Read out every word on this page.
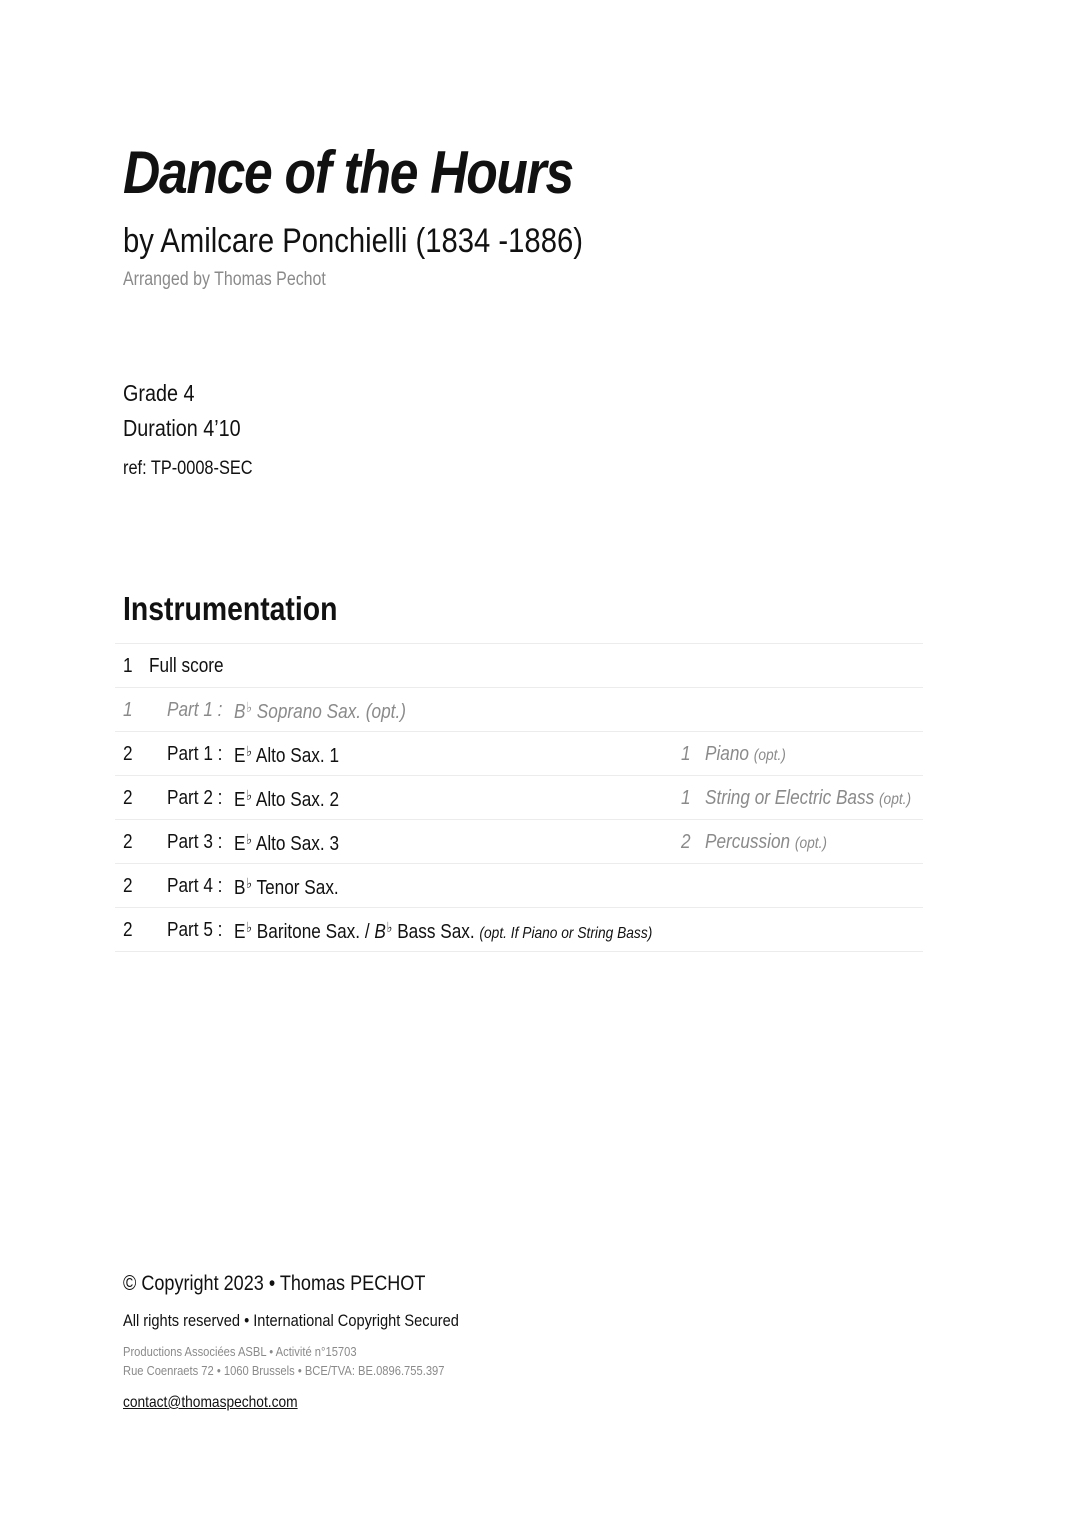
Dance of the Hours
by Amilcare Ponchielli (1834 -1886)
Arranged by Thomas Pechot
Grade 4
Duration 4’10
ref: TP-0008-SEC
Instrumentation
1 Full score
1 Part 1 : B♭ Soprano Sax. (opt.)
2 Part 1 : E♭ Alto Sax. 1	1 Piano (opt.)
2 Part 2 : E♭ Alto Sax. 2	1 String or Electric Bass (opt.)
2 Part 3 : E♭ Alto Sax. 3	2 Percussion (opt.)
2 Part 4 : B♭ Tenor Sax.
2 Part 5 : E♭ Baritone Sax. / B♭ Bass Sax. (opt. If Piano or String Bass)
© Copyright 2023 • Thomas PECHOT
All rights reserved • International Copyright Secured
Productions Associées ASBL • Activité n°15703
Rue Coenraets 72 • 1060 Brussels • BCE/TVA: BE.0896.755.397
contact@thomaspechot.com
